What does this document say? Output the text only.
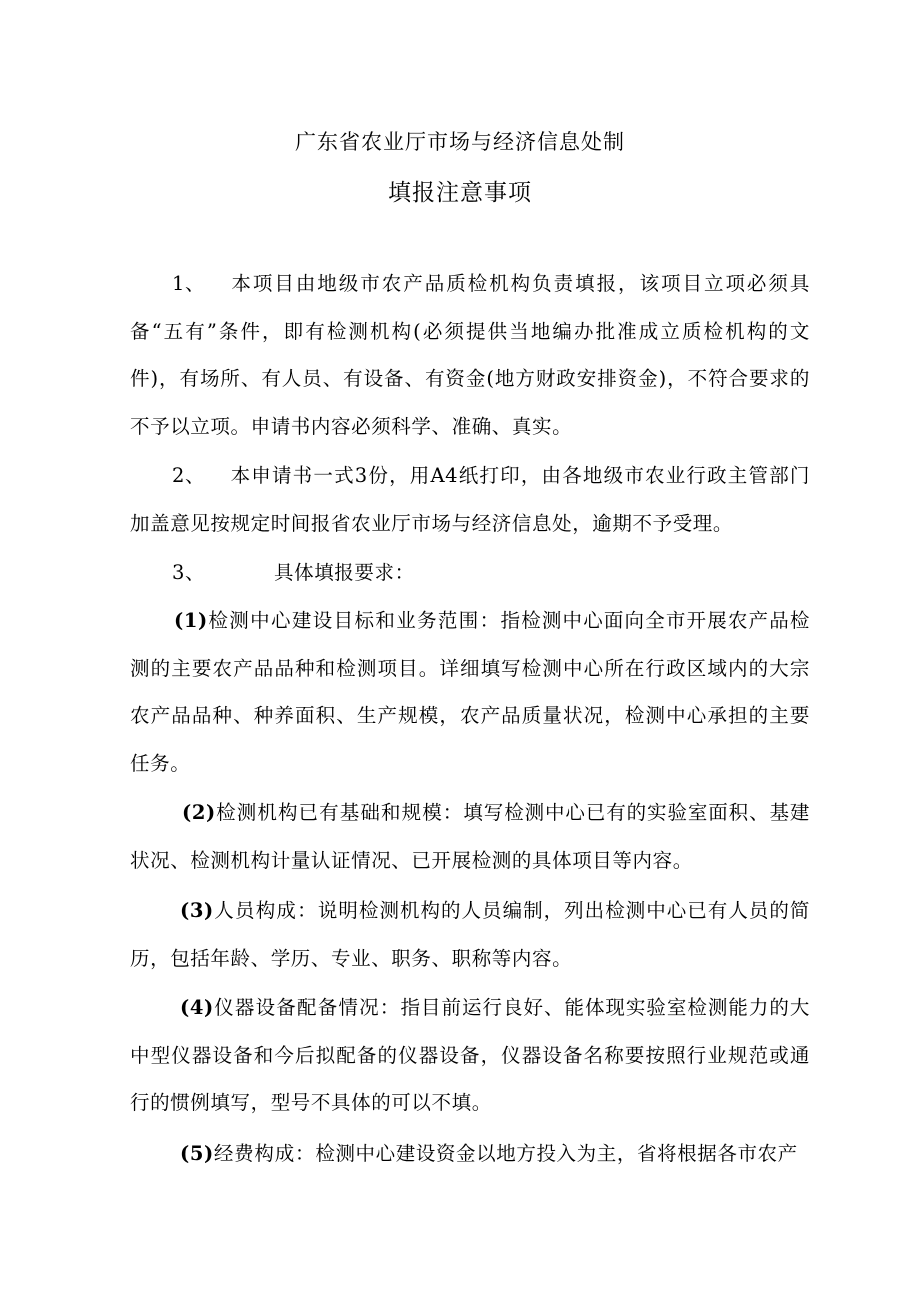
广东省农业厅市场与经济信息处制
填报注意事项

1、 本项目由地级市农产品质检机构负责填报，该项目立项必须具备“五有”条件，即有检测机构(必须提供当地编办批准成立质检机构的文件)，有场所、有人员、有设备、有资金(地方财政安排资金)，不符合要求的不予以立项。申请书内容必须科学、准确、真实。

2、 本申请书一式3份，用A4纸打印，由各地级市农业行政主管部门加盖意见按规定时间报省农业厅市场与经济信息处，逾期不予受理。

3、	具体填报要求：

(1)检测中心建设目标和业务范围：指检测中心面向全市开展农产品检测的主要农产品品种和检测项目。详细填写检测中心所在行政区域内的大宗农产品品种、种养面积、生产规模，农产品质量状况，检测中心承担的主要任务。

(2)检测机构已有基础和规模：填写检测中心已有的实验室面积、基建状况、检测机构计量认证情况、已开展检测的具体项目等内容。

(3)人员构成：说明检测机构的人员编制，列出检测中心已有人员的简历，包括年龄、学历、专业、职务、职称等内容。

(4)仪器设备配备情况：指目前运行良好、能体现实验室检测能力的大中型仪器设备和今后拟配备的仪器设备，仪器设备名称要按照行业规范或通行的惯例填写，型号不具体的可以不填。

(5)经费构成：检测中心建设资金以地方投入为主，省将根据各市农产
